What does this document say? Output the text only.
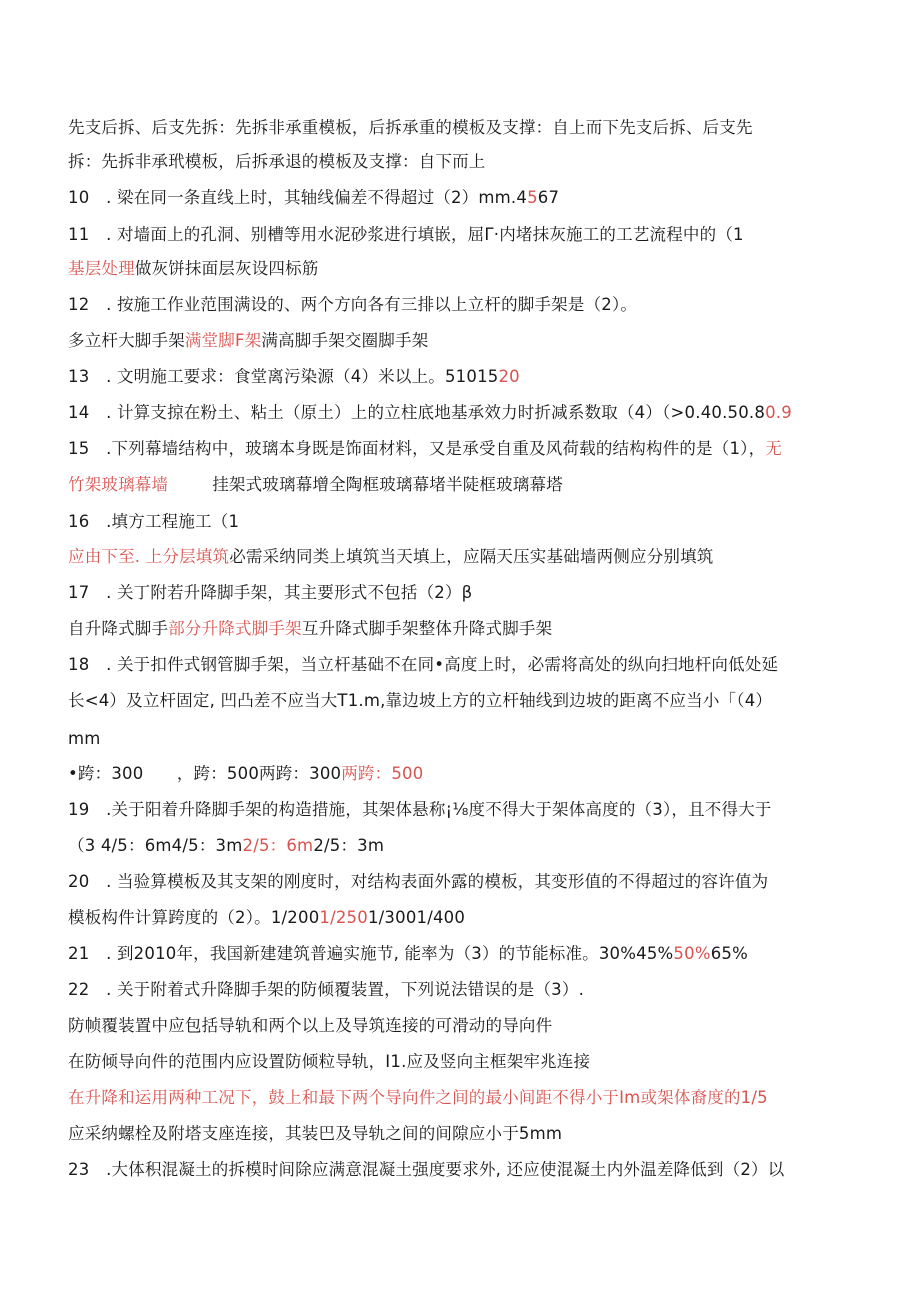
先支后拆、后支先拆：先拆非承重模板，后拆承重的模板及支撑：自上而下先支后拆、后支先
拆：先拆非承玳模板，后拆承退的模板及支撑：自下而上
10　. 梁在同一条直线上时，其轴线偏差不得超过（2）mm.4567
11　. 对墙面上的孔洞、别槽等用水泥砂浆进行填嵌，屈Γ·内堵抹灰施工的工艺流程中的（1
基层处理做灰饼抹面层灰设四标筋
12　. 按施工作业范围满设的、两个方向各有三排以上立杆的脚手架是（2）。
多立杆大脚手架满堂脚F架满高脚手架交圈脚手架
13　. 文明施工要求：食堂离污染源（4）米以上。5101520
14　. 计算支掠在粉土、粘土（原土）上的立柱底地基承效力时折减系数取（4）（>0.40.50.80.9
15　.下列幕墙结构中，玻璃本身既是饰面材料，又是承受自重及风荷载的结构构件的是（1），无
竹架玻璃幕墙	挂架式玻璃幕增全陶框玻璃幕堵半陡框玻璃幕塔
16　.填方工程施工（1
应由下至. 上分层填筑必需采纳同类上填筑当天填上，应隔天压实基础墙两侧应分别填筑
17　. 关丁附若升降脚手架，其主要形式不包括（2）β
自升降式脚手部分升降式脚手架互升降式脚手架整体升降式脚手架
18　. 关于扣件式钢管脚手架，当立杆基础不在同•高度上时，必需将高处的纵向扫地杆向低处延
长<4）及立杆固定, 凹凸差不应当大T1.m,靠边坡上方的立杆轴线到边坡的距离不应当小「（4）
mm
•跨：300　　，跨：500两跨：300两跨：500
19　.关于阳着升降脚手架的构造措施，其架体悬称¡⅛度不得大于架体高度的（3），且不得大于
（3 4/5：6m4/5：3m2/5：6m2/5：3m
20　. 当验算模板及其支架的刚度时，对结构表面外露的模板，其变形值的不得超过的容许值为
模板构件计算跨度的（2）。1/2001/2501/3001/400
21　. 到2010年，我国新建建筑普遍实施节, 能率为（3）的节能标准。30%45%50%65%
22　. 关于附着式升降脚手架的防倾覆装置，下列说法错误的是（3）.
防帧覆装置中应包括导轨和两个以上及导筑连接的可滑动的导向件
在防倾导向件的范围内应设置防倾粒导轨，I1.应及竖向主框架牢兆连接
在升降和运用两种工况下，鼓上和最下两个导向件之间的最小间距不得小于Im或架体裔度的1/5
应采纳螺栓及附塔支座连接，其装巴及导轨之间的间隙应小于5mm
23　.大体积混凝土的拆模时间除应满意混凝土强度要求外, 还应使混凝土内外温差降低到（2）以
